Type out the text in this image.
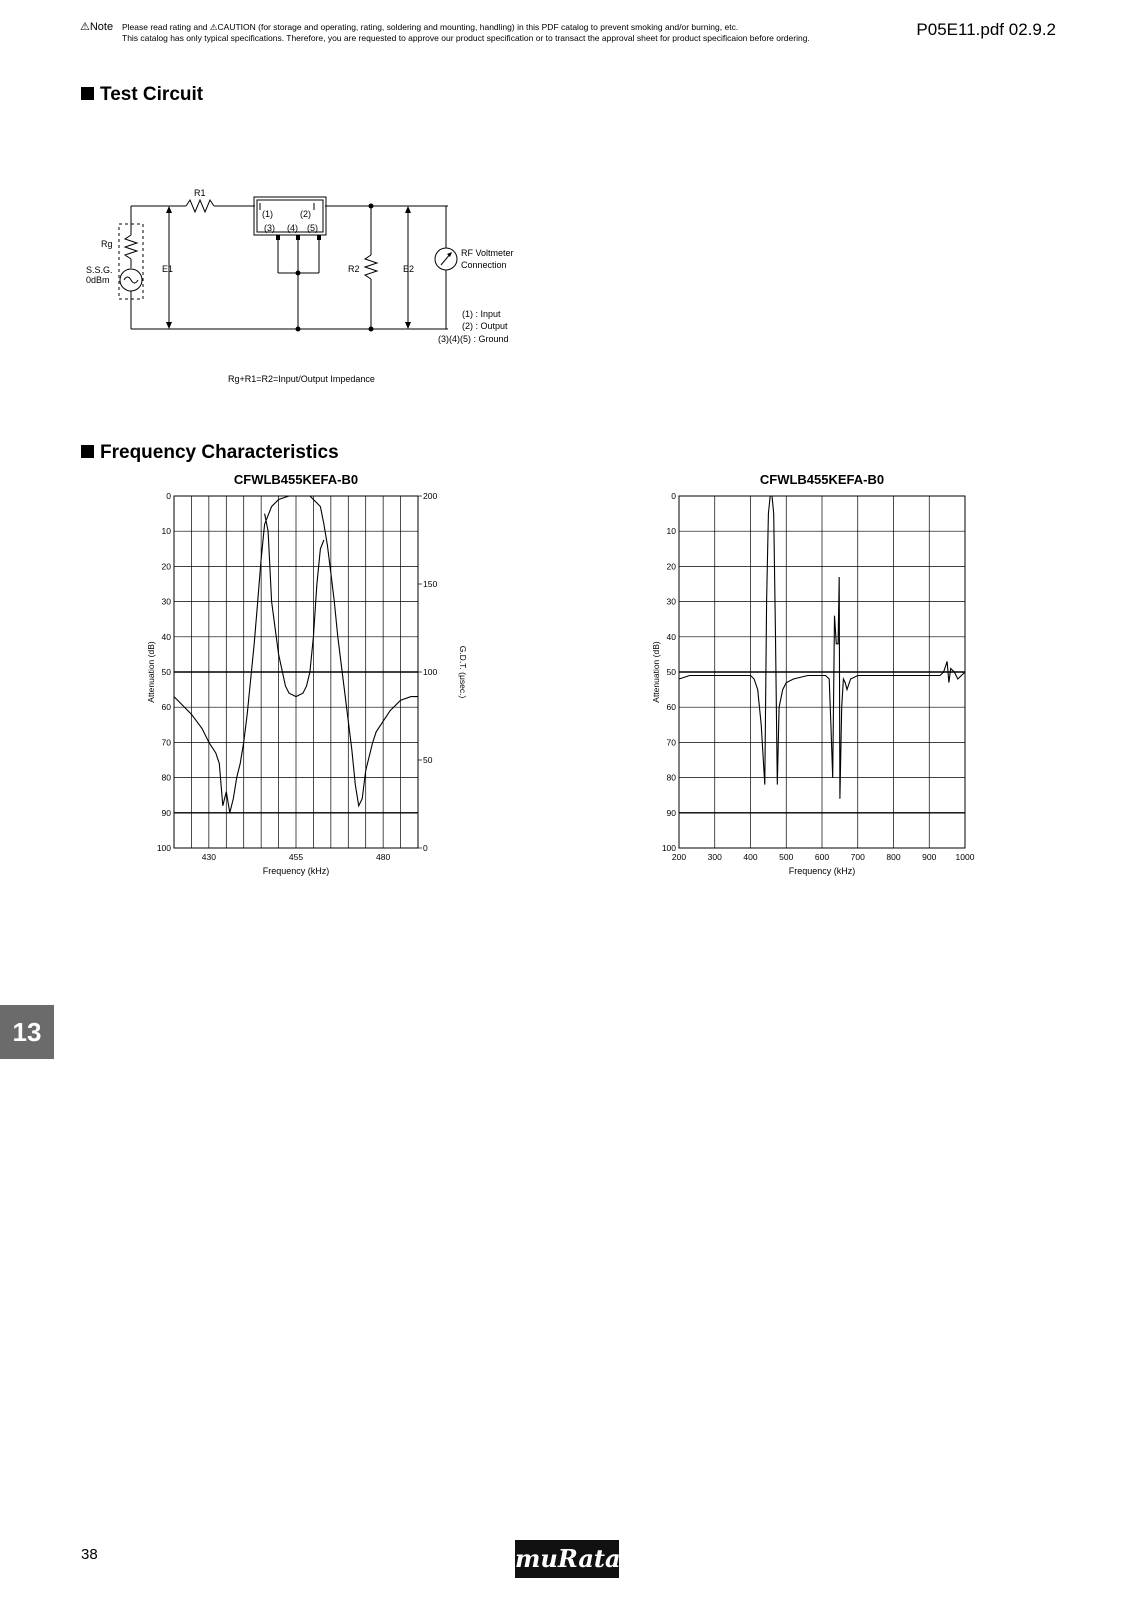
⚠Note Please read rating and ⚠CAUTION (for storage and operating, rating, soldering and mounting, handling) in this PDF catalog to prevent smoking and/or burning, etc.
This catalog has only typical specifications. Therefore, you are requested to approve our product specification or to transact the approval sheet for product specificaion before ordering.	P05E11.pdf 02.9.2
Test Circuit
R1
Rg
S.S.G.
0dBm
E1
(1)	(2)
(3) (4) (5)
R2	E2
RF Voltmeter
Connection
(1) : Input
(2) : Output
(3)(4)(5) : Ground
Rg+R1=R2=Input/Output Impedance
Frequency Characteristics
CFWLB455KEFA-B0
0
10
20
30
40
50
60
70
80
90
100
430	455	480
Frequency (kHz)
Attenuation (dB)
200
150
100
50
0
G.D.T. (μsec.)
CFWLB455KEFA-B0
0
10
20
30
40
50
60
70
80
90
100
200	300	400	500	600	700	800	900 1000
Frequency (kHz)
Attenuation (dB)
13
38	muRata
